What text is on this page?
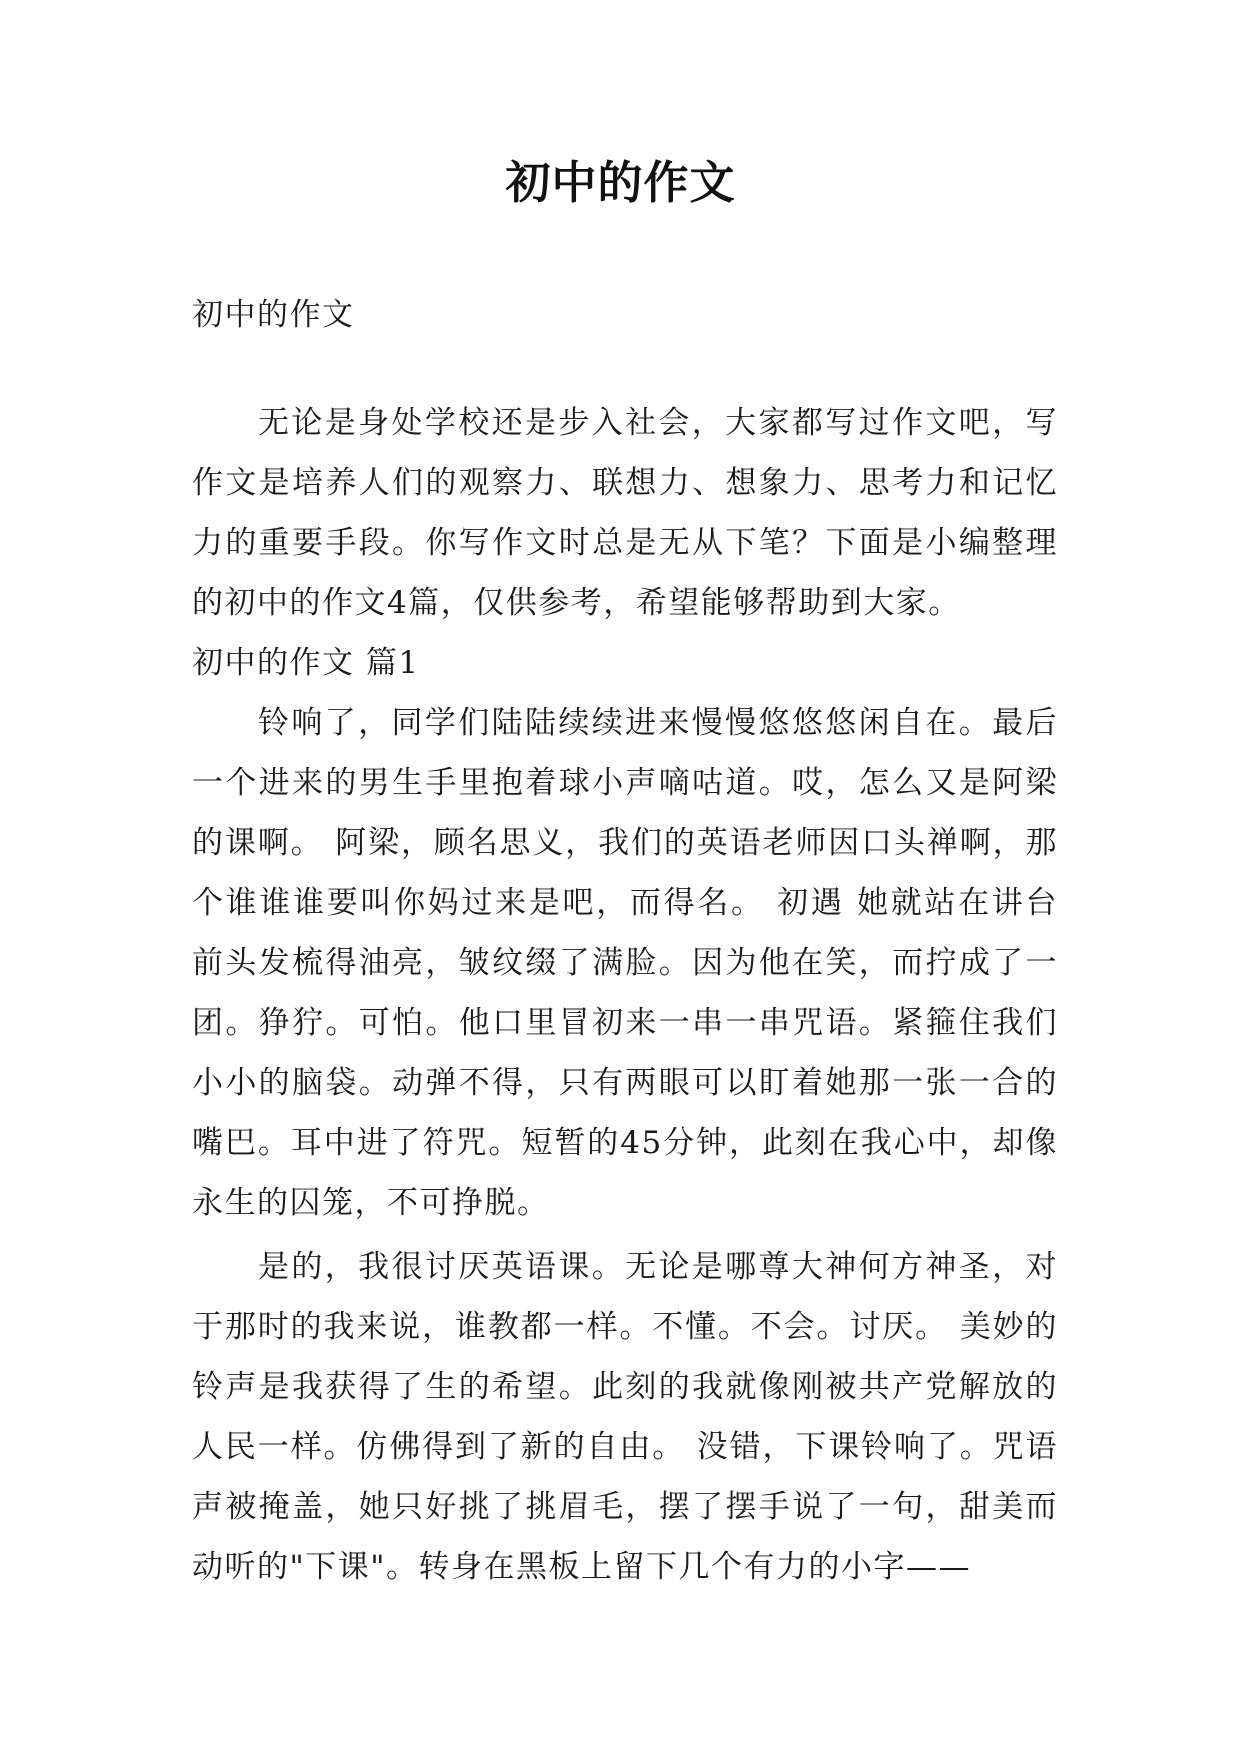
初中的作文

初中的作文

无论是身处学校还是步入社会，大家都写过作文吧，写作文是培养人们的观察力、联想力、想象力、思考力和记忆力的重要手段。你写作文时总是无从下笔？下面是小编整理的初中的作文4篇，仅供参考，希望能够帮助到大家。

初中的作文 篇1

铃响了，同学们陆陆续续进来慢慢悠悠悠闲自在。最后一个进来的男生手里抱着球小声嘀咕道。哎，怎么又是阿梁的课啊。 阿梁，顾名思义，我们的英语老师因口头禅啊，那个谁谁谁要叫你妈过来是吧，而得名。 初遇 她就站在讲台前头发梳得油亮，皱纹缀了满脸。因为他在笑，而拧成了一团。狰狞。可怕。他口里冒初来一串一串咒语。紧箍住我们小小的脑袋。动弹不得，只有两眼可以盯着她那一张一合的嘴巴。耳中进了符咒。短暂的45分钟，此刻在我心中，却像永生的囚笼，不可挣脱。

是的，我很讨厌英语课。无论是哪尊大神何方神圣，对于那时的我来说，谁教都一样。不懂。不会。讨厌。 美妙的铃声是我获得了生的希望。此刻的我就像刚被共产党解放的人民一样。仿佛得到了新的自由。 没错，下课铃响了。咒语声被掩盖，她只好挑了挑眉毛，摆了摆手说了一句，甜美而动听的"下课"。转身在黑板上留下几个有力的小字——
